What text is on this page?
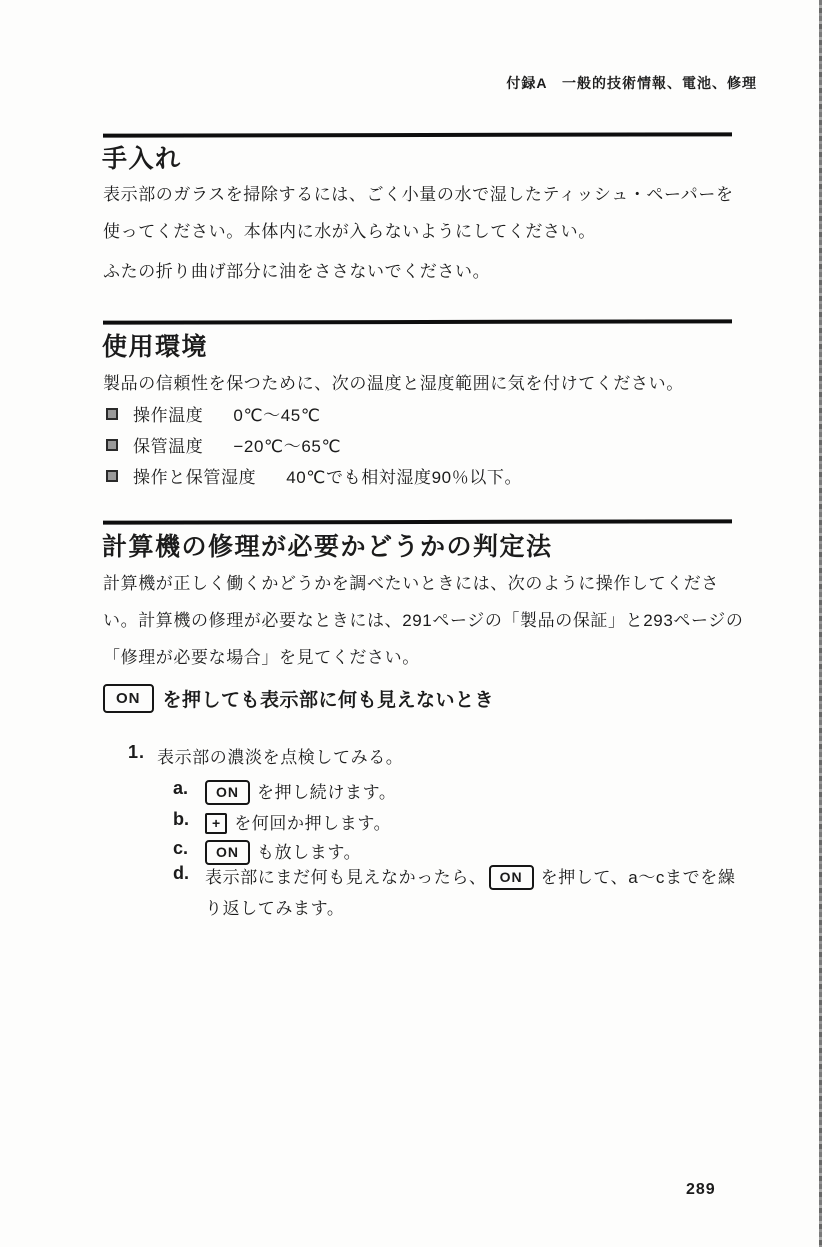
付録A　一般的技術情報、電池、修理
手入れ

表示部のガラスを掃除するには、ごく小量の水で湿したティッシュ・ペーパーを使ってください。本体内に水が入らないようにしてください。

ふたの折り曲げ部分に油をささないでください。

使用環境

製品の信頼性を保つために、次の温度と湿度範囲に気を付けてください。

操作温度 0℃～45℃
保管温度 −20℃～65℃
操作と保管湿度 40℃でも相対湿度90％以下。
計算機の修理が必要かどうかの判定法

計算機が正しく働くかどうかを調べたいときには、次のように操作してください。計算機の修理が必要なときには、291ページの「製品の保証」と293ページの「修理が必要な場合」を見てください。

ON	を押しても表示部に何も見えないとき
1. 表示部の濃淡を点検してみる。
a.	ON を押し続けます。
b.	+ を何回か押します。
c.	ON も放します。
d. 表示部にまだ何も見えなかったら、 ON を押して、a～cまでを繰り返してみます。
289
